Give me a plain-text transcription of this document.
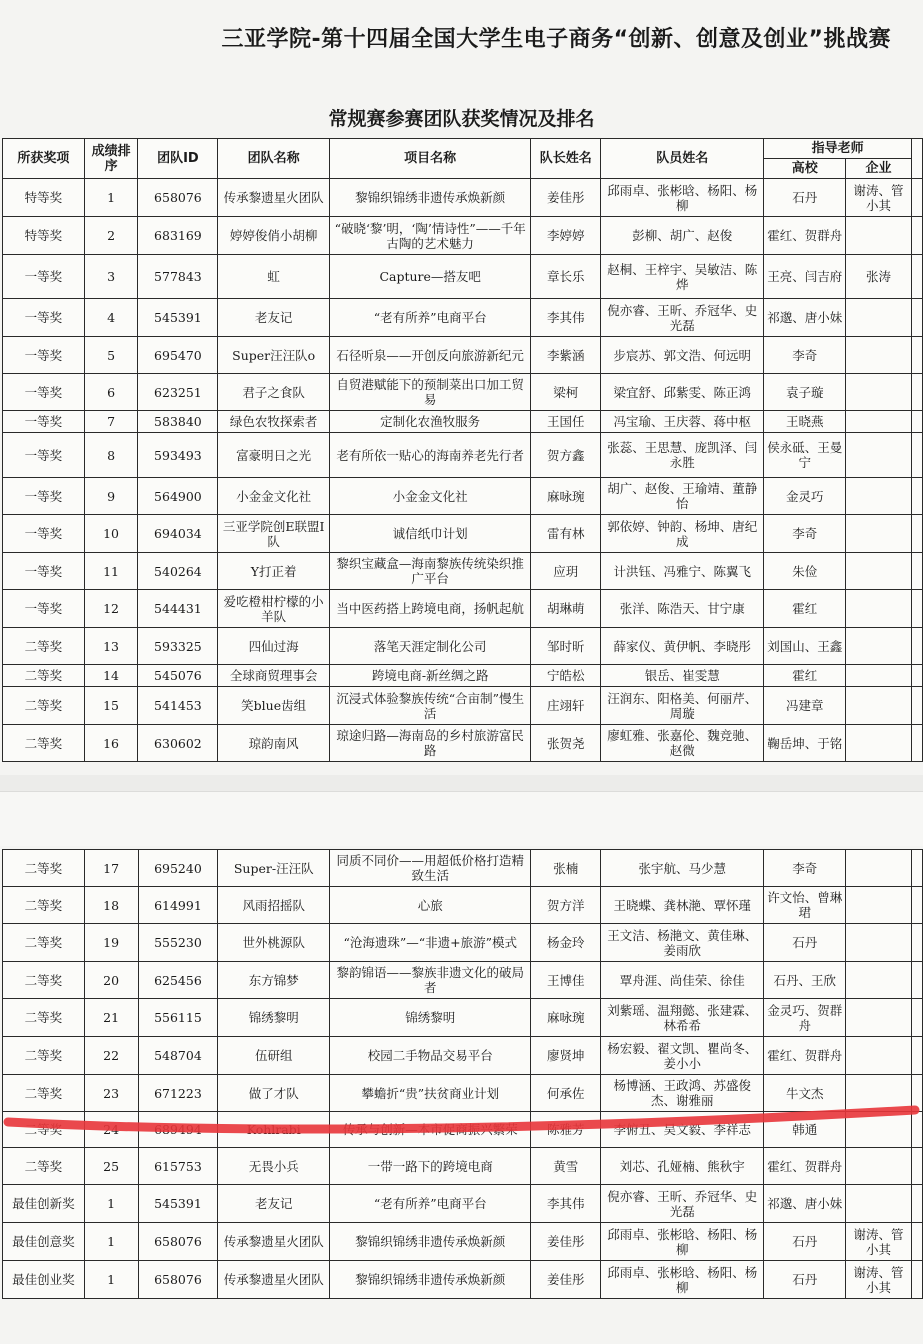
三亚学院-第十四届全国大学生电子商务“创新、创意及创业”挑战赛
常规赛参赛团队获奖情况及排名
所获奖项	成绩排序	团队ID	团队名称	项目名称	队长姓名	队员姓名	指导老师		
							高校	企业	
特等奖	1	658076	传承黎遗星火团队	黎锦织锦绣非遗传承焕新颜	姜佳彤	邱雨卓、张彬晗、杨阳、杨柳	石丹	谢涛、管小其	
特等奖	2	683169	婷婷俊俏小胡柳	“破晓‘黎’明，‘陶’情诗性”——千年古陶的艺术魅力	李婷婷	彭柳、胡广、赵俊	霍红、贺群舟		
一等奖	3	577843	虹	Capture—搭友吧	章长乐	赵桐、王梓宇、吴敏洁、陈烨	王亮、闫吉府	张涛	
一等奖	4	545391	老友记	“老有所养”电商平台	李其伟	倪亦睿、王昕、乔冠华、史光磊	祁邈、唐小妹		
一等奖	5	695470	Super汪汪队o	石径听泉——开创反向旅游新纪元	李紫涵	步宸苏、郭文浩、何远明	李奇		
一等奖	6	623251	君子之食队	自贸港赋能下的预制菜出口加工贸易	梁柯	梁宜舒、邱紫雯、陈正鸿	袁子璇		
一等奖	7	583840	绿色农牧探索者	定制化农渔牧服务	王国任	冯宝瑜、王庆蓉、蒋中枢	王晓燕		
一等奖	8	593493	富豪明日之光	老有所依一贴心的海南养老先行者	贺方鑫	张蕊、王思慧、庞凯泽、闫永胜	侯永砥、王曼宁		
一等奖	9	564900	小金金文化社	小金金文化社	麻咏琬	胡广、赵俊、王瑜靖、董静怡	金灵巧		
一等奖	10	694034	三亚学院创E联盟I队	诚信纸巾计划	雷有林	郭依婷、钟韵、杨坤、唐纪成	李奇		
一等奖	11	540264	Y打正着	黎织宝藏盒—海南黎族传统染织推广平台	应玥	计洪钰、冯雅宁、陈翼飞	朱俭		
一等奖	12	544431	爱吃橙柑柠檬的小羊队	当中医药搭上跨境电商，扬帆起航	胡琳萌	张洋、陈浩天、甘宁康	霍红		
二等奖	13	593325	四仙过海	落笔天涯定制化公司	邹时昕	薛家仪、黄伊帆、李晓彤	刘国山、王鑫		
二等奖	14	545076	全球商贸理事会	跨境电商-新丝绸之路	宁皓松	银岳、崔雯慧	霍红		
二等奖	15	541453	笑blue齿组	沉浸式体验黎族传统“合亩制”慢生活	庄翊轩	汪润东、阳格美、何丽芹、周璇	冯建章		
二等奖	16	630602	琼韵南风	琼途归路—海南岛的乡村旅游富民路	张贺尧	廖虹雅、张嘉伦、魏竞驰、赵微	鞠岳坤、于铭		
二等奖	17	695240	Super-汪汪队	同质不同价——用超低价格打造精致生活	张楠	张宇航、马少慧	李奇		
二等奖	18	614991	风雨招摇队	心旅	贺方洋	王晓蝶、龚林滟、覃怀瑾	许文怡、曾琳珺		
二等奖	19	555230	世外桃源队	“沧海遗珠”—“非遗+旅游”模式	杨金玲	王文洁、杨滟文、黄佳琳、姜雨欣	石丹		
二等奖	20	625456	东方锦梦	黎韵锦语——黎族非遗文化的破局者	王博佳	覃舟涯、尚佳荣、徐佳	石丹、王欣		
二等奖	21	556115	锦绣黎明	锦绣黎明	麻咏琬	刘紫瑶、温翔懿、张建霖、林希希	金灵巧、贺群舟		
二等奖	22	548704	伍研组	校园二手物品交易平台	廖贤坤	杨宏毅、翟文凯、瞿尚冬、姜小小	霍红、贺群舟		
二等奖	23	671223	做了才队	攀蟾折“贵”扶贫商业计划	何承佐	杨博涵、王政鸿、苏盛俊杰、谢雅丽	牛文杰		
二等奖	24	689494	Kohlrabi	传承与创新—本市促商振兴繁荣	陈雅芳	李俯丑、吴文毅、李祥志	韩通		
二等奖	25	615753	无畏小兵	一带一路下的跨境电商	黄雪	刘芯、孔娅楠、熊秋宇	霍红、贺群舟		
最佳创新奖	1	545391	老友记	“老有所养”电商平台	李其伟	倪亦睿、王昕、乔冠华、史光磊	祁邈、唐小妹		
最佳创意奖	1	658076	传承黎遗星火团队	黎锦织锦绣非遗传承焕新颜	姜佳彤	邱雨卓、张彬晗、杨阳、杨柳	石丹	谢涛、管小其	
最佳创业奖	1	658076	传承黎遗星火团队	黎锦织锦绣非遗传承焕新颜	姜佳彤	邱雨卓、张彬晗、杨阳、杨柳	石丹	谢涛、管小其	
